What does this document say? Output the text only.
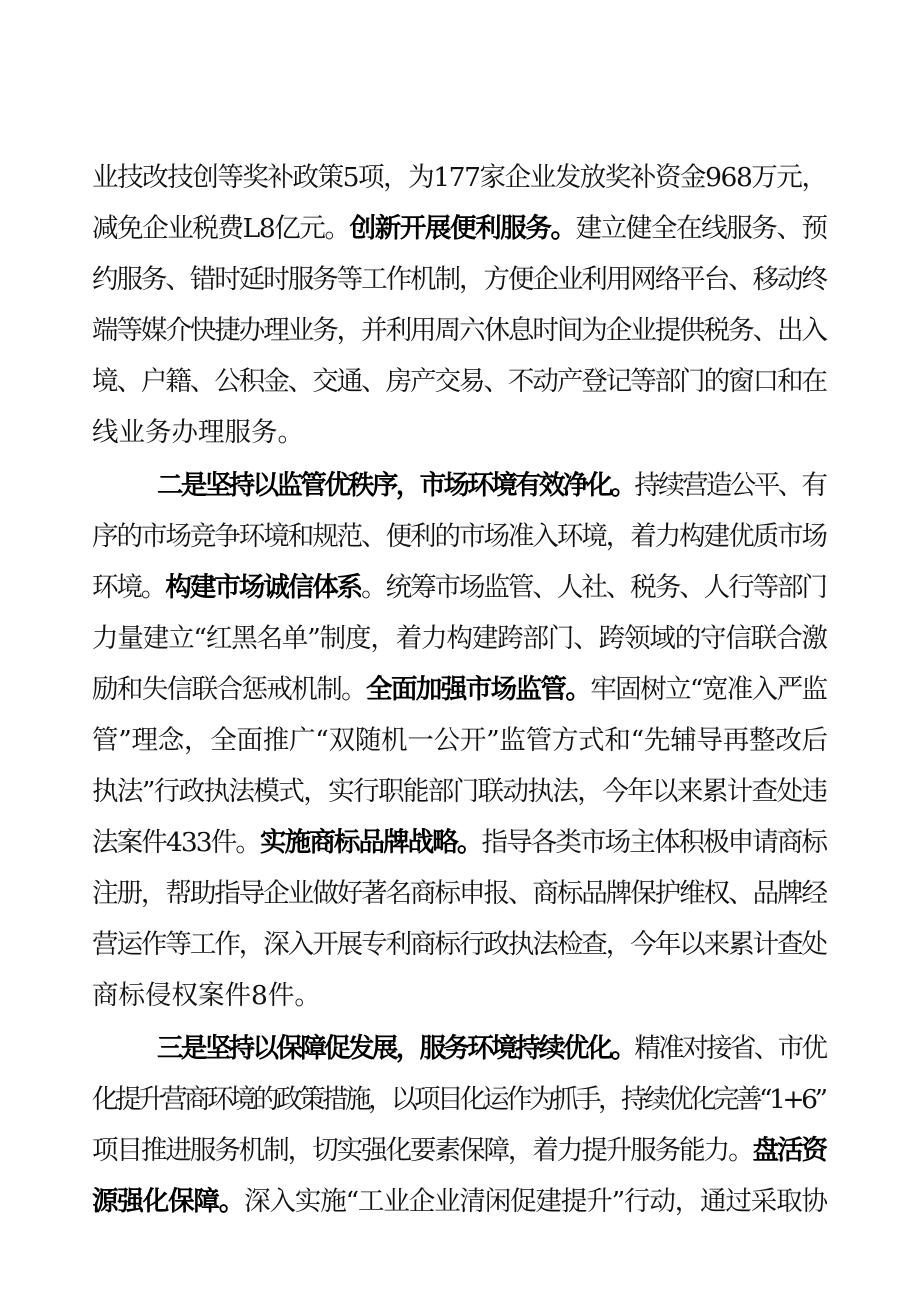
业技改技创等奖补政策5项，为177家企业发放奖补资金968万元，
减免企业税费L8亿元。创新开展便利服务。建立健全在线服务、预
约服务、错时延时服务等工作机制，方便企业利用网络平台、移动终
端等媒介快捷办理业务，并利用周六休息时间为企业提供税务、出入
境、户籍、公积金、交通、房产交易、不动产登记等部门的窗口和在
线业务办理服务。
二是坚持以监管优秩序，市场环境有效净化。持续营造公平、有
序的市场竞争环境和规范、便利的市场准入环境，着力构建优质市场
环境。构建市场诚信体系。统筹市场监管、人社、税务、人行等部门
力量建立“红黑名单”制度，着力构建跨部门、跨领域的守信联合激
励和失信联合惩戒机制。全面加强市场监管。牢固树立“宽准入严监
管”理念，全面推广“双随机一公开”监管方式和“先辅导再整改后
执法”行政执法模式，实行职能部门联动执法，今年以来累计查处违
法案件433件。实施商标品牌战略。指导各类市场主体积极申请商标
注册，帮助指导企业做好著名商标申报、商标品牌保护维权、品牌经
营运作等工作，深入开展专利商标行政执法检查，今年以来累计查处
商标侵权案件8件。
三是坚持以保障促发展，服务环境持续优化。精准对接省、市优
化提升营商环境的政策措施，以项目化运作为抓手，持续优化完善“1+6”
项目推进服务机制，切实强化要素保障，着力提升服务能力。盘活资
源强化保障。深入实施“工业企业清闲促建提升”行动，通过采取协
